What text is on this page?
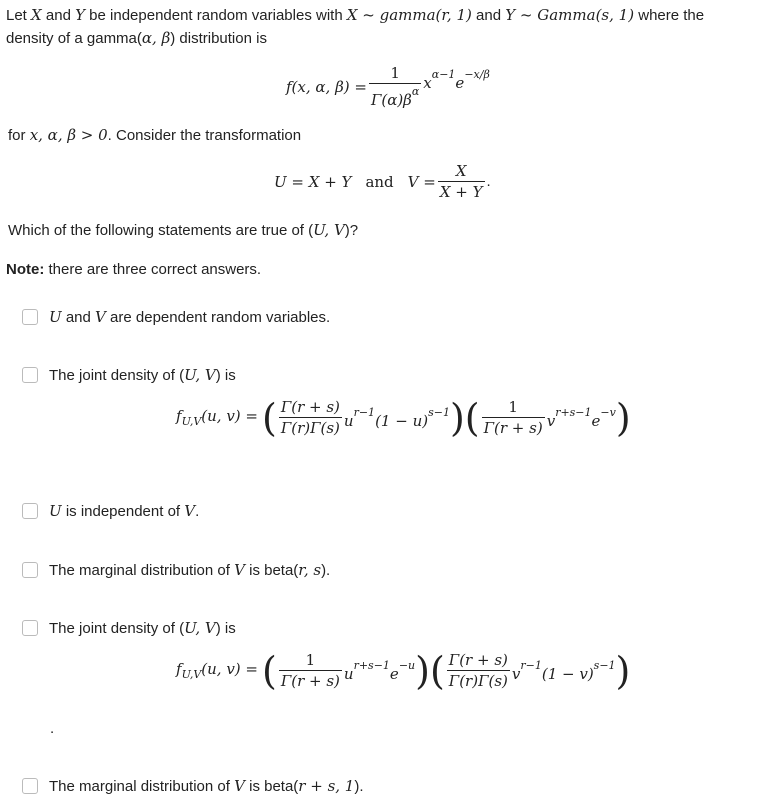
Let X and Y be independent random variables with X ~ gamma(r, 1) and Y ~ Gamma(s, 1) where the
density of a gamma(α, β) distribution is
f(x, α, $\beta) = \frac{1}{\Gamma(\alpha)\beta^\alpha} x^{\alpha-1}e^{-x/\beta}$
for x, α, β > 0. Consider the transformation
U = X + Y and $V = \frac{X}{X + Y}$ .
Which of the following statements are true of (U, V)?
Note: there are three correct answers.
U and V are dependent random variables.
The joint density of (U, V) is
$f_{U,V}(u$, v) = ( $\frac{\Gamma(r + s)}{\Gamma(r)\Gamma(s)} u^{r-1}(1 - u)^{s-1}$ ) ( $\frac{1}{\Gamma(r + s)} v^{r+s-1}e^{-v}$ )
U is independent of V.
The marginal distribution of V is beta(r, s).
The joint density of (U, V) is
$f_{U,V}(u$, v) = ( $\frac{1}{\Gamma(r + s)} u^{r+s-1}e^{-u}$ ) ( $\frac{\Gamma(r + s)}{\Gamma(r)\Gamma(s)} v^{r-1}(1 - v)^{s-1}$ )
.
The marginal distribution of V is beta(r + s, 1).
